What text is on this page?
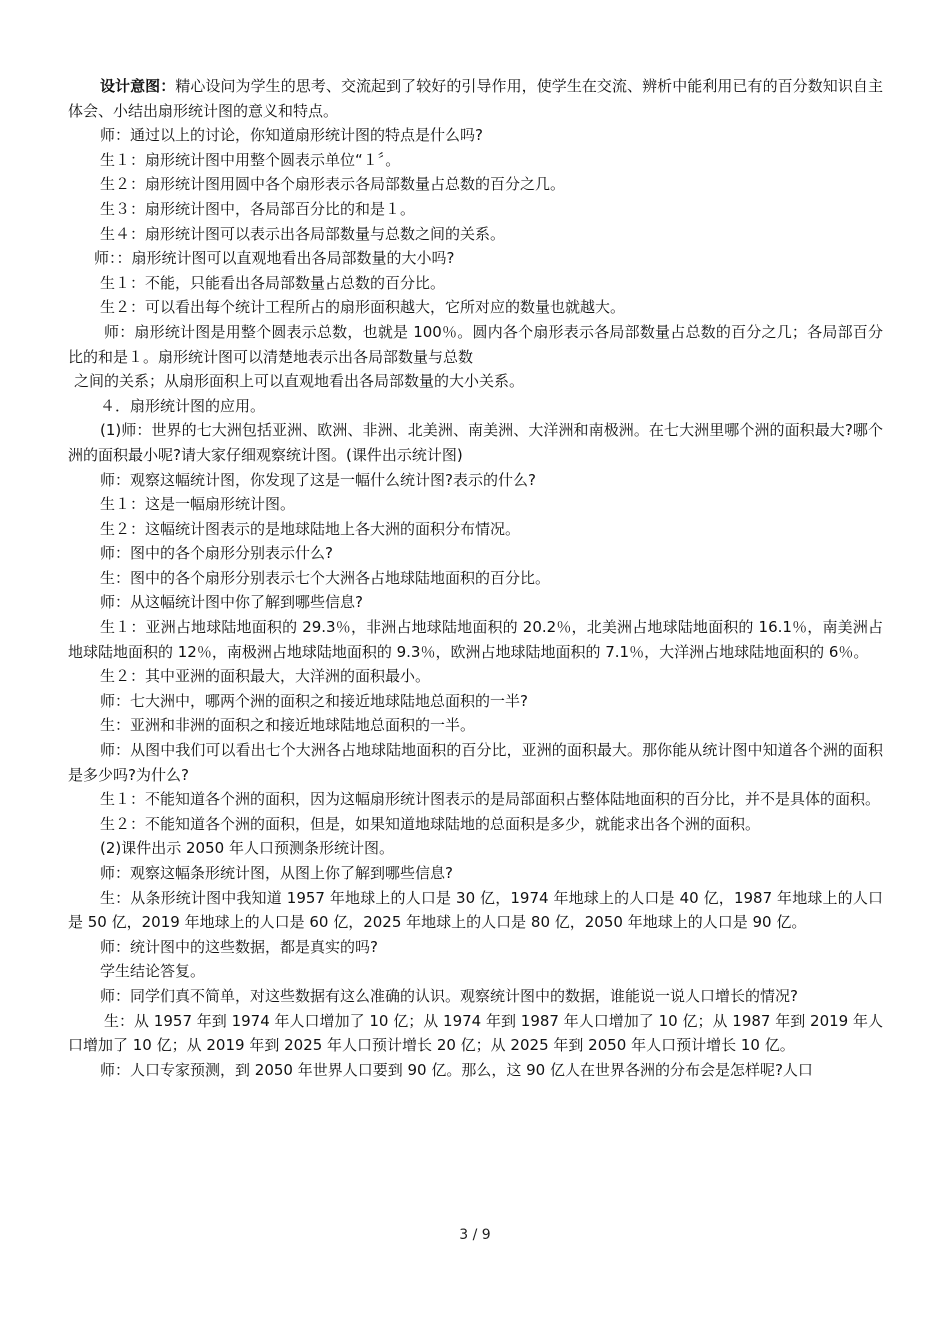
设计意图：精心设问为学生的思考、交流起到了较好的引导作用，使学生在交流、辨析中能利用已有的百分数知识自主体会、小结出扇形统计图的意义和特点。

师：通过以上的讨论，你知道扇形统计图的特点是什么吗?

生１：扇形统计图中用整个圆表示单位“１〞。

生２：扇形统计图用圆中各个扇形表示各局部数量占总数的百分之几。

生３：扇形统计图中，各局部百分比的和是１。

生４：扇形统计图可以表示出各局部数量与总数之间的关系。

师：：扇形统计图可以直观地看出各局部数量的大小吗?

生１：不能，只能看出各局部数量占总数的百分比。

生２：可以看出每个统计工程所占的扇形面积越大，它所对应的数量也就越大。

师：扇形统计图是用整个圆表示总数，也就是 100％。圆内各个扇形表示各局部数量占总数的百分之几；各局部百分比的和是１。扇形统计图可以清楚地表示出各局部数量与总数

之间的关系；从扇形面积上可以直观地看出各局部数量的大小关系。

４．扇形统计图的应用。

(1)师：世界的七大洲包括亚洲、欧洲、非洲、北美洲、南美洲、大洋洲和南极洲。在七大洲里哪个洲的面积最大?哪个洲的面积最小呢?请大家仔细观察统计图。(课件出示统计图)

师：观察这幅统计图，你发现了这是一幅什么统计图?表示的什么?

生１：这是一幅扇形统计图。

生２：这幅统计图表示的是地球陆地上各大洲的面积分布情况。

师：图中的各个扇形分别表示什么?

生：图中的各个扇形分别表示七个大洲各占地球陆地面积的百分比。

师：从这幅统计图中你了解到哪些信息?

生１：亚洲占地球陆地面积的 29.3％，非洲占地球陆地面积的 20.2％，北美洲占地球陆地面积的 16.1％，南美洲占地球陆地面积的 12％，南极洲占地球陆地面积的 9.3％，欧洲占地球陆地面积的 7.1％，大洋洲占地球陆地面积的 6％。

生２：其中亚洲的面积最大，大洋洲的面积最小。

师：七大洲中，哪两个洲的面积之和接近地球陆地总面积的一半?

生：亚洲和非洲的面积之和接近地球陆地总面积的一半。

师：从图中我们可以看出七个大洲各占地球陆地面积的百分比，亚洲的面积最大。那你能从统计图中知道各个洲的面积是多少吗?为什么?

生１：不能知道各个洲的面积，因为这幅扇形统计图表示的是局部面积占整体陆地面积的百分比，并不是具体的面积。

生２：不能知道各个洲的面积，但是，如果知道地球陆地的总面积是多少，就能求出各个洲的面积。

(2)课件出示 2050 年人口预测条形统计图。

师：观察这幅条形统计图，从图上你了解到哪些信息?

生：从条形统计图中我知道 1957 年地球上的人口是 30 亿，1974 年地球上的人口是 40 亿，1987 年地球上的人口是 50 亿，2019 年地球上的人口是 60 亿，2025 年地球上的人口是 80 亿，2050 年地球上的人口是 90 亿。

师：统计图中的这些数据，都是真实的吗?

学生结论答复。

师：同学们真不简单，对这些数据有这么准确的认识。观察统计图中的数据，谁能说一说人口增长的情况?

生：从 1957 年到 1974 年人口增加了 10 亿；从 1974 年到 1987 年人口增加了 10 亿；从 1987 年到 2019 年人口增加了 10 亿；从 2019 年到 2025 年人口预计增长 20 亿；从 2025 年到 2050 年人口预计增长 10 亿。

师：人口专家预测，到 2050 年世界人口要到 90 亿。那么，这 90 亿人在世界各洲的分布会是怎样呢?人口

3 / 9
